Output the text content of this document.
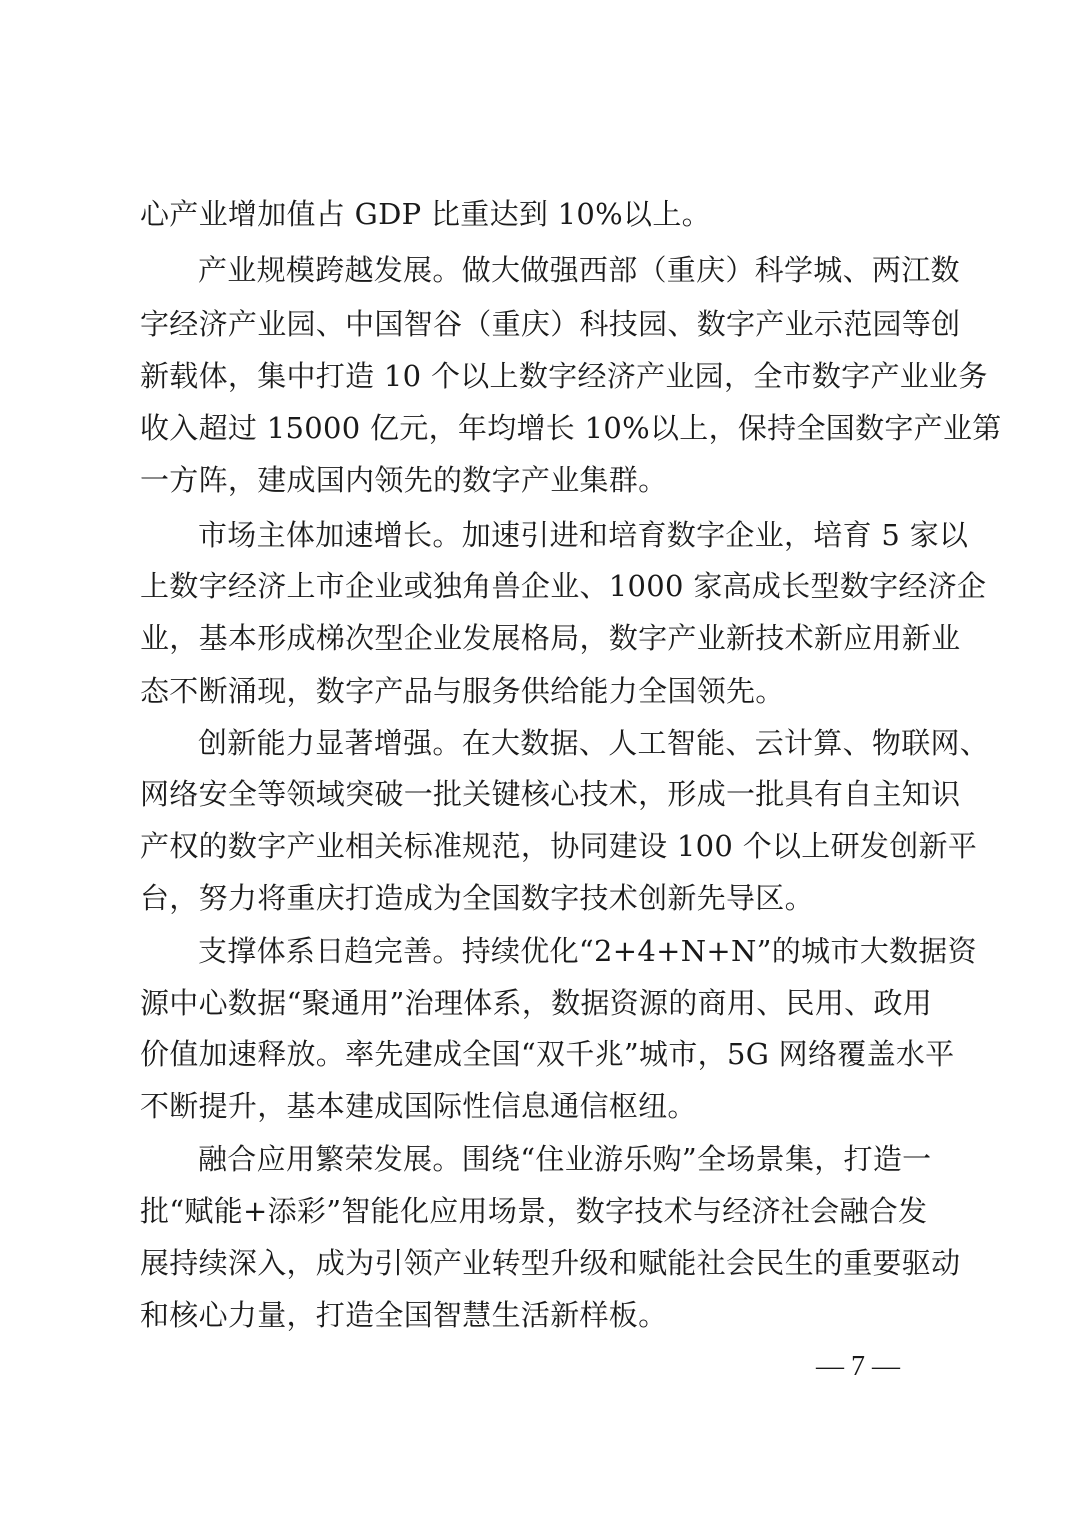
心产业增加值占 GDP 比重达到 10%以上。
产业规模跨越发展。做大做强西部（重庆）科学城、两江数
字经济产业园、中国智谷（重庆）科技园、数字产业示范园等创
新载体，集中打造 10 个以上数字经济产业园，全市数字产业业务
收入超过 15000 亿元，年均增长 10%以上，保持全国数字产业第
一方阵，建成国内领先的数字产业集群。
市场主体加速增长。加速引进和培育数字企业，培育 5 家以
上数字经济上市企业或独角兽企业、1000 家高成长型数字经济企
业，基本形成梯次型企业发展格局，数字产业新技术新应用新业
态不断涌现，数字产品与服务供给能力全国领先。
创新能力显著增强。在大数据、人工智能、云计算、物联网、
网络安全等领域突破一批关键核心技术，形成一批具有自主知识
产权的数字产业相关标准规范，协同建设 100 个以上研发创新平
台，努力将重庆打造成为全国数字技术创新先导区。
支撑体系日趋完善。持续优化“2+4+N+N”的城市大数据资
源中心数据“聚通用”治理体系，数据资源的商用、民用、政用
价值加速释放。率先建成全国“双千兆”城市，5G 网络覆盖水平
不断提升，基本建成国际性信息通信枢纽。
融合应用繁荣发展。围绕“住业游乐购”全场景集，打造一
批“赋能+添彩”智能化应用场景，数字技术与经济社会融合发
展持续深入，成为引领产业转型升级和赋能社会民生的重要驱动
和核心力量，打造全国智慧生活新样板。
— 7 —
